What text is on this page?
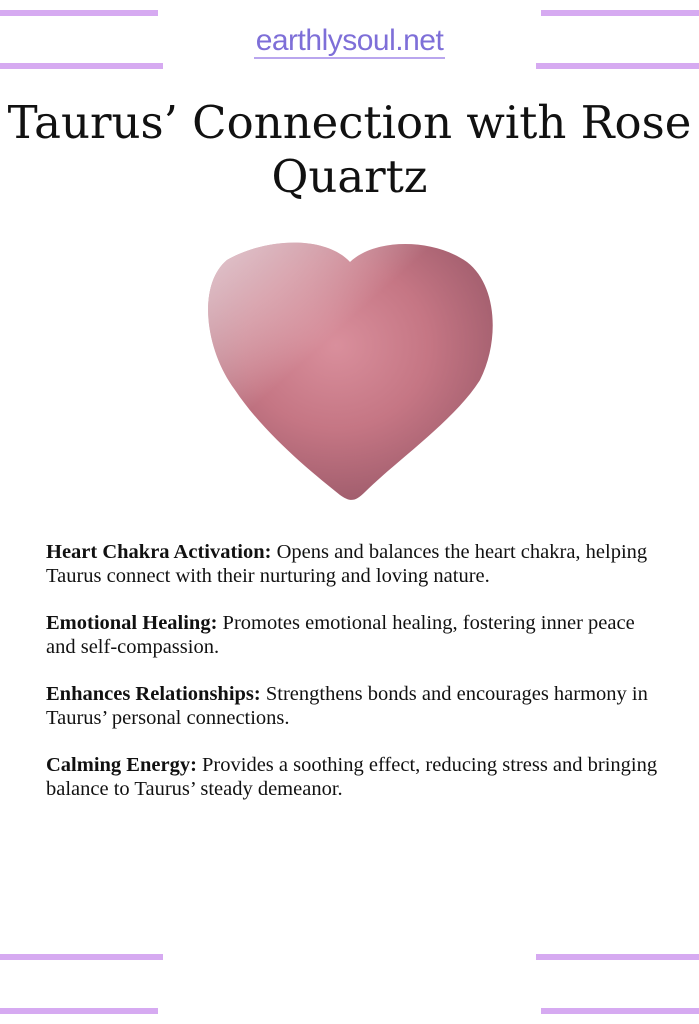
earthlysoul.net
Taurus’ Connection with Rose Quartz

Heart Chakra Activation: Opens and balances the heart chakra, helping Taurus connect with their nurturing and loving nature.

Emotional Healing: Promotes emotional healing, fostering inner peace and self-compassion.

Enhances Relationships: Strengthens bonds and encourages harmony in Taurus’ personal connections.

Calming Energy: Provides a soothing effect, reducing stress and bringing balance to Taurus’ steady demeanor.
